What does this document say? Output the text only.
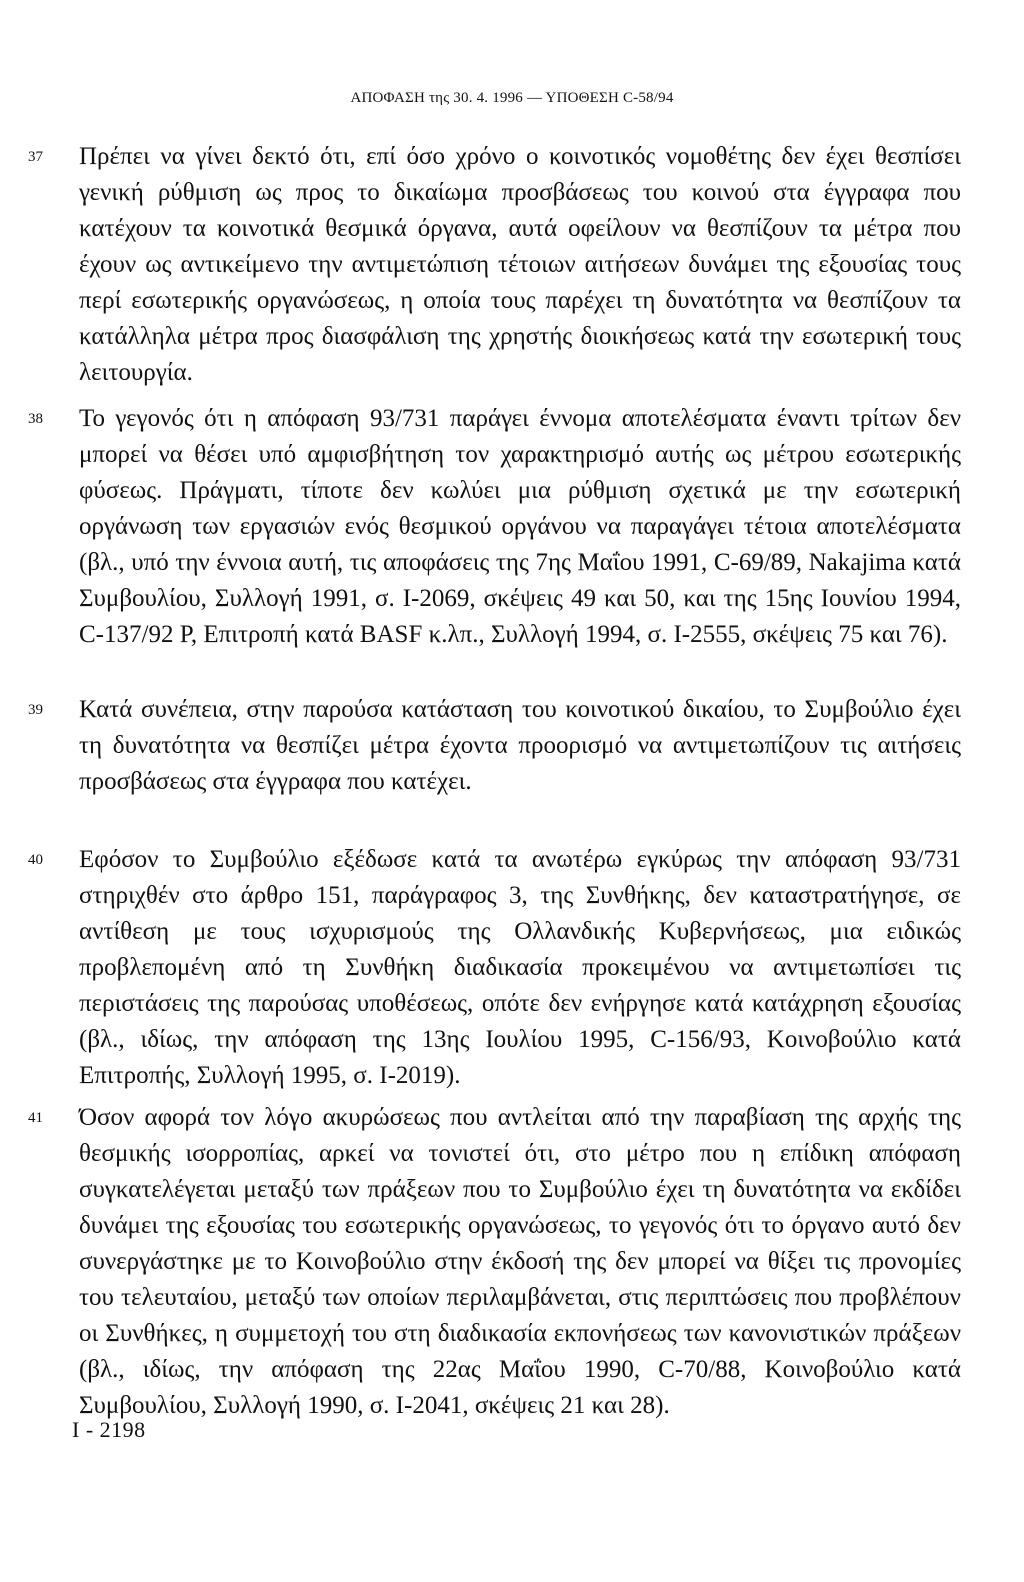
ΑΠΟΦΑΣΗ της 30. 4. 1996 — ΥΠΟΘΕΣΗ C-58/94
37 Πρέπει να γίνει δεκτό ότι, επί όσο χρόνο ο κοινοτικός νομοθέτης δεν έχει θεσπίσει γενική ρύθμιση ως προς το δικαίωμα προσβάσεως του κοινού στα έγγραφα που κατέχουν τα κοινοτικά θεσμικά όργανα, αυτά οφείλουν να θεσπίζουν τα μέτρα που έχουν ως αντικείμενο την αντιμετώπιση τέτοιων αιτήσεων δυνάμει της εξουσίας τους περί εσωτερικής οργανώσεως, η οποία τους παρέχει τη δυνατότητα να θεσπίζουν τα κατάλληλα μέτρα προς διασφάλιση της χρηστής διοικήσεως κατά την εσωτερική τους λειτουργία.

38 Το γεγονός ότι η απόφαση 93/731 παράγει έννομα αποτελέσματα έναντι τρίτων δεν μπορεί να θέσει υπό αμφισβήτηση τον χαρακτηρισμό αυτής ως μέτρου εσωτερικής φύσεως. Πράγματι, τίποτε δεν κωλύει μια ρύθμιση σχετικά με την εσωτερική οργάνωση των εργασιών ενός θεσμικού οργάνου να παραγάγει τέτοια αποτελέσματα (βλ., υπό την έννοια αυτή, τις αποφάσεις της 7ης Μαΐου 1991, C-69/89, Nakajima κατά Συμβουλίου, Συλλογή 1991, σ. I-2069, σκέψεις 49 και 50, και της 15ης Ιουνίου 1994, C-137/92 Ρ, Επιτροπή κατά BASF κ.λπ., Συλλογή 1994, σ. I-2555, σκέψεις 75 και 76).

39 Κατά συνέπεια, στην παρούσα κατάσταση του κοινοτικού δικαίου, το Συμβούλιο έχει τη δυνατότητα να θεσπίζει μέτρα έχοντα προορισμό να αντιμετωπίζουν τις αιτήσεις προσβάσεως στα έγγραφα που κατέχει.

40 Εφόσον το Συμβούλιο εξέδωσε κατά τα ανωτέρω εγκύρως την απόφαση 93/731 στηριχθέν στο άρθρο 151, παράγραφος 3, της Συνθήκης, δεν καταστρατήγησε, σε αντίθεση με τους ισχυρισμούς της Ολλανδικής Κυβερνήσεως, μια ειδικώς προβλεπομένη από τη Συνθήκη διαδικασία προκειμένου να αντιμετωπίσει τις περιστάσεις της παρούσας υποθέσεως, οπότε δεν ενήργησε κατά κατάχρηση εξουσίας (βλ., ιδίως, την απόφαση της 13ης Ιουλίου 1995, C-156/93, Κοινοβούλιο κατά Επιτροπής, Συλλογή 1995, σ. I-2019).

41 Όσον αφορά τον λόγο ακυρώσεως που αντλείται από την παραβίαση της αρχής της θεσμικής ισορροπίας, αρκεί να τονιστεί ότι, στο μέτρο που η επίδικη απόφαση συγκατελέγεται μεταξύ των πράξεων που το Συμβούλιο έχει τη δυνατότητα να εκδίδει δυνάμει της εξουσίας του εσωτερικής οργανώσεως, το γεγονός ότι το όργανο αυτό δεν συνεργάστηκε με το Κοινοβούλιο στην έκδοσή της δεν μπορεί να θίξει τις προνομίες του τελευταίου, μεταξύ των οποίων περιλαμβάνεται, στις περιπτώσεις που προβλέπουν οι Συνθήκες, η συμμετοχή του στη διαδικασία εκπονήσεως των κανονιστικών πράξεων (βλ., ιδίως, την απόφαση της 22ας Μαΐου 1990, C-70/88, Κοινοβούλιο κατά Συμβουλίου, Συλλογή 1990, σ. I-2041, σκέψεις 21 και 28).

I - 2198
